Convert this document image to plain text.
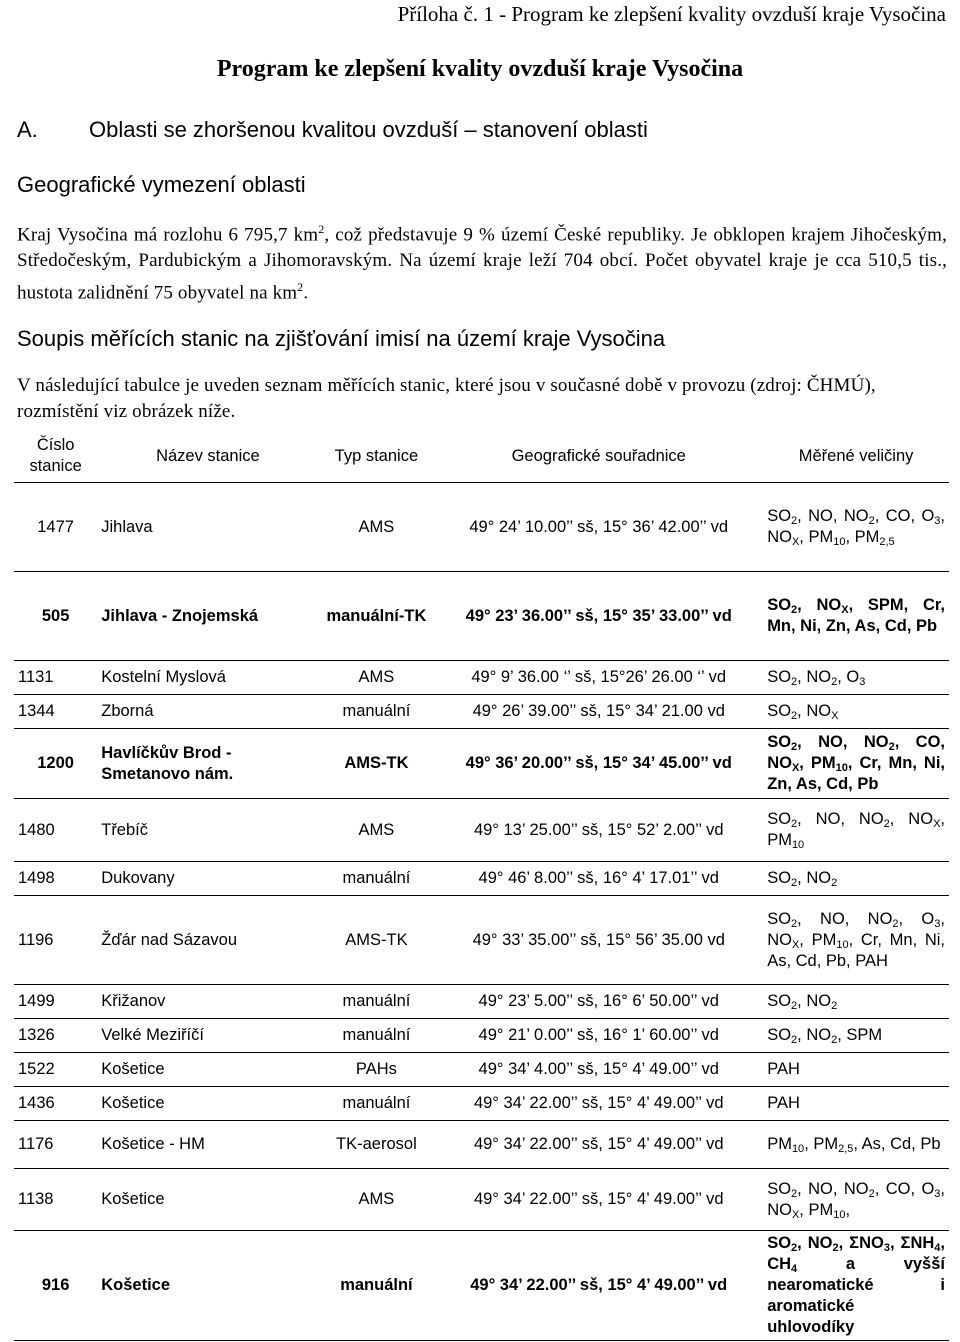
Příloha č. 1 - Program ke zlepšení kvality ovzduší kraje Vysočina
Program ke zlepšení kvality ovzduší kraje Vysočina
A. Oblasti se zhoršenou kvalitou ovzduší – stanovení oblasti
Geografické vymezení oblasti

Kraj Vysočina má rozlohu 6 795,7 $km^2$, což představuje 9 % území České republiky. Je obklopen krajem Jihočeským, Středočeským, Pardubickým a Jihomoravským. Na území kraje leží 704 obcí. Počet obyvatel kraje je cca 510,5 tis., hustota zalidnění 75 obyvatel na $km^2$.

Soupis měřících stanic na zjišťování imisí na území kraje Vysočina

V následující tabulce je uveden seznam měřících stanic, které jsou v současné době v provozu (zdroj: ČHMÚ), rozmístění viz obrázek níže.

Číslo stanice	Název stanice	Typ stanice	Geografické souřadnice	Měřené veličiny
1477	Jihlava	AMS	49° 24’ 10.00’’ sš, 15° 36’ 42.00’’ vd	$SO_2$, NO, $NO_2$, CO, $O_3$, $NO_X$, $PM_{10}$, $PM_{2,5}$
505	Jihlava - Znojemská	manuální-TK	49° 23’ 36.00’’ sš, 15° 35’ 33.00’’ vd	$SO_2$, $NO_X$, SPM, Cr, Mn, Ni, Zn, As, Cd, Pb
1131	Kostelní Myslová	AMS	49° 9’ 36.00 ‘’ sš, 15°26’ 26.00 ‘’ vd	$SO_2$, $NO_2$, $O_3$
1344	Zborná	manuální	49° 26’ 39.00’’ sš, 15° 34’ 21.00 vd	$SO_2$, $NO_X$
1200	Havlíčkův Brod - Smetanovo nám.	AMS-TK	49° 36’ 20.00’’ sš, 15° 34’ 45.00’’ vd	$SO_2$, NO, $NO_2$, CO, $NO_X$, $PM_{10}$, Cr, Mn, Ni, Zn, As, Cd, Pb
1480	Třebíč	AMS	49° 13’ 25.00’’ sš, 15° 52’ 2.00’’ vd	$SO_2$, NO, $NO_2$, $NO_X$, $PM_{10}$
1498	Dukovany	manuální	49° 46’ 8.00’’ sš, 16° 4’ 17.01’’ vd	$SO_2$, $NO_2$
1196	Žďár nad Sázavou	AMS-TK	49° 33’ 35.00’’ sš, 15° 56’ 35.00 vd	$SO_2$, NO, $NO_2$, $O_3$, $NO_X$, $PM_{10}$, Cr, Mn, Ni, As, Cd, Pb, PAH
1499	Křižanov	manuální	49° 23’ 5.00’’ sš, 16° 6’ 50.00’’ vd	$SO_2$, $NO_2$
1326	Velké Meziříčí	manuální	49° 21’ 0.00’’ sš, 16° 1’ 60.00’’ vd	$SO_2$, $NO_2$, SPM
1522	Košetice	PAHs	49° 34’ 4.00’’ sš, 15° 4’ 49.00’’ vd	PAH
1436	Košetice	manuální	49° 34’ 22.00’’ sš, 15° 4’ 49.00’’ vd	PAH
1176	Košetice - HM	TK-aerosol	49° 34’ 22.00’’ sš, 15° 4’ 49.00’’ vd	$PM_{10}$, $PM_{2,5}$, As, Cd, Pb
1138	Košetice	AMS	49° 34’ 22.00’’ sš, 15° 4’ 49.00’’ vd	$SO_2$, NO, $NO_2$, CO, $O_3$, $NO_X$, $PM_{10}$,
916	Košetice	manuální	49° 34’ 22.00’’ sš, 15° 4’ 49.00’’ vd	$SO_2$, $NO_2$, $\Sigma NO_3$, $\Sigma NH_4$, $CH_4$ a vyšší nearomatické i aromatické uhlovodíky
